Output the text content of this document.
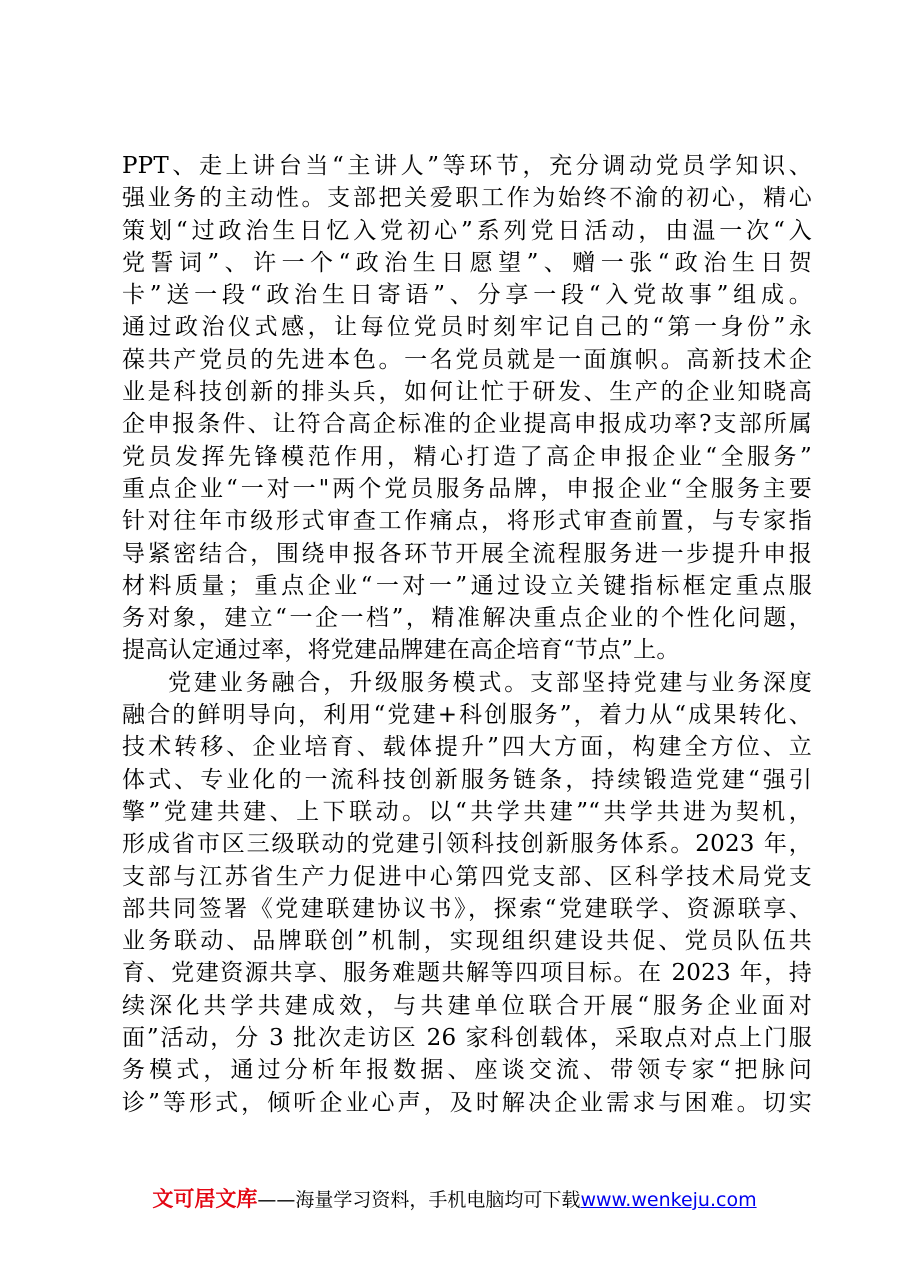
PPT、走上讲台当“主讲人”等环节，充分调动党员学知识、
强业务的主动性。支部把关爱职工作为始终不渝的初心，精心
策划“过政治生日忆入党初心”系列党日活动，由温一次“入
党誓词”、许一个“政治生日愿望”、赠一张“政治生日贺
卡”送一段“政治生日寄语”、分享一段“入党故事”组成。
通过政治仪式感，让每位党员时刻牢记自己的“第一身份”永
葆共产党员的先进本色。一名党员就是一面旗帜。高新技术企
业是科技创新的排头兵，如何让忙于研发、生产的企业知晓高
企申报条件、让符合高企标准的企业提高申报成功率?支部所属
党员发挥先锋模范作用，精心打造了高企申报企业“全服务”
重点企业“一对一"两个党员服务品牌，申报企业“全服务主要
针对往年市级形式审查工作痛点，将形式审查前置，与专家指
导紧密结合，围绕申报各环节开展全流程服务进一步提升申报
材料质量；重点企业“一对一”通过设立关键指标框定重点服
务对象，建立“一企一档”，精准解决重点企业的个性化问题，
提高认定通过率，将党建品牌建在高企培育“节点”上。
党建业务融合，升级服务模式。支部坚持党建与业务深度
融合的鲜明导向，利用“党建+科创服务”，着力从“成果转化、
技术转移、企业培育、载体提升”四大方面，构建全方位、立
体式、专业化的一流科技创新服务链条，持续锻造党建“强引
擎”党建共建、上下联动。以“共学共建”“共学共进为契机，
形成省市区三级联动的党建引领科技创新服务体系。2023 年，
支部与江苏省生产力促进中心第四党支部、区科学技术局党支
部共同签署《党建联建协议书》，探索“党建联学、资源联享、
业务联动、品牌联创”机制，实现组织建设共促、党员队伍共
育、党建资源共享、服务难题共解等四项目标。在 2023 年，持
续深化共学共建成效，与共建单位联合开展“服务企业面对
面”活动，分 3 批次走访区 26 家科创载体，采取点对点上门服
务模式，通过分析年报数据、座谈交流、带领专家“把脉问
诊”等形式，倾听企业心声，及时解决企业需求与困难。切实
文可居文库——海量学习资料，手机电脑均可下载www.wenkeju.com
